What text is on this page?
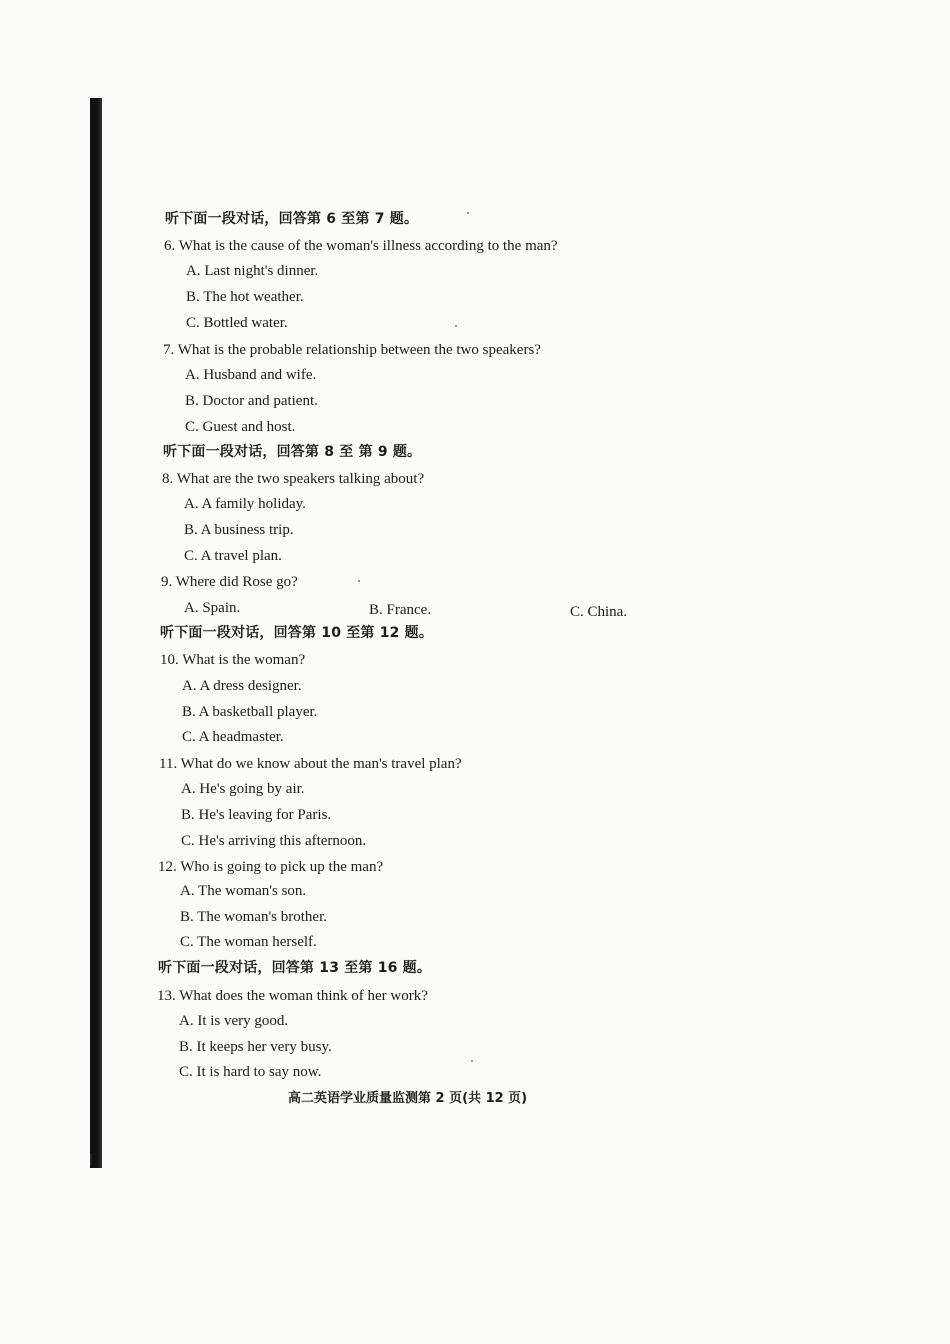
听下面一段对话，回答第 6 至第 7 题。
6. What is the cause of the woman's illness according to the man?
A. Last night's dinner.
B. The hot weather.
C. Bottled water.
7. What is the probable relationship between the two speakers?
A. Husband and wife.
B. Doctor and patient.
C. Guest and host.
听下面一段对话，回答第 8 至 第 9 题。
8. What are the two speakers talking about?
A. A family holiday.
B. A business trip.
C. A travel plan.
9. Where did Rose go?
A. Spain.	B. France.	C. China.
听下面一段对话，回答第 10 至第 12 题。
10. What is the woman?
A. A dress designer.
B. A basketball player.
C. A headmaster.
11. What do we know about the man's travel plan?
A. He's going by air.
B. He's leaving for Paris.
C. He's arriving this afternoon.
12. Who is going to pick up the man?
A. The woman's son.
B. The woman's brother.
C. The woman herself.
听下面一段对话，回答第 13 至第 16 题。
13. What does the woman think of her work?
A. It is very good.
B. It keeps her very busy.
C. It is hard to say now.
高二英语学业质量监测第 2 页(共 12 页)
